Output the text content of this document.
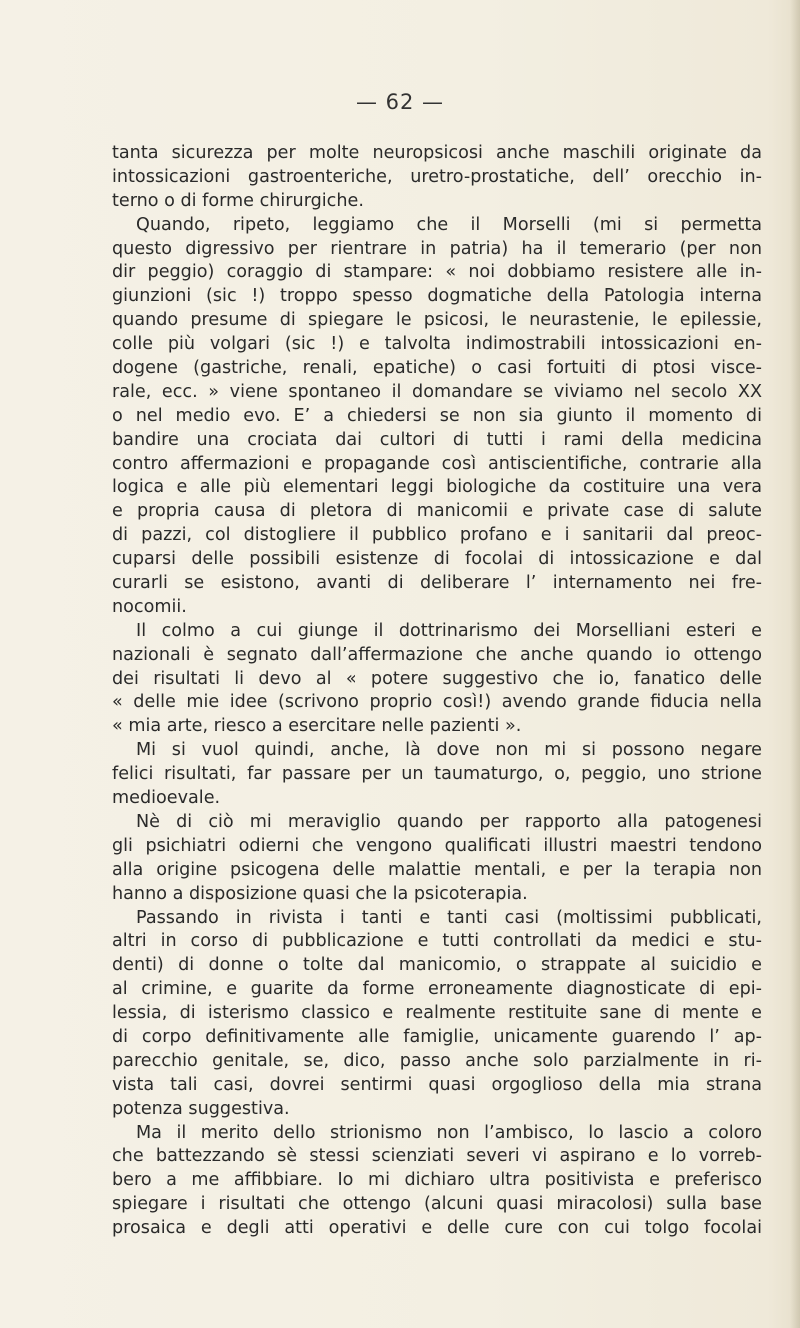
— 62 —
tanta sicurezza per molte neuropsicosi anche maschili originate da
intossicazioni gastroenteriche, uretro-prostatiche, dell’ orecchio in-
terno o di forme chirurgiche.
Quando, ripeto, leggiamo che il Morselli (mi si permetta
questo digressivo per rientrare in patria) ha il temerario (per non
dir peggio) coraggio di stampare: « noi dobbiamo resistere alle in-
giunzioni (sic !) troppo spesso dogmatiche della Patologia interna
quando presume di spiegare le psicosi, le neurastenie, le epilessie,
colle più volgari (sic !) e talvolta indimostrabili intossicazioni en-
dogene (gastriche, renali, epatiche) o casi fortuiti di ptosi visce-
rale, ecc. » viene spontaneo il domandare se viviamo nel secolo XX
o nel medio evo. E’ a chiedersi se non sia giunto il momento di
bandire una crociata dai cultori di tutti i rami della medicina
contro affermazioni e propagande così antiscientifiche, contrarie alla
logica e alle più elementari leggi biologiche da costituire una vera
e propria causa di pletora di manicomii e private case di salute
di pazzi, col distogliere il pubblico profano e i sanitarii dal preoc-
cuparsi delle possibili esistenze di focolai di intossicazione e dal
curarli se esistono, avanti di deliberare l’ internamento nei fre-
nocomii.
Il colmo a cui giunge il dottrinarismo dei Morselliani esteri e
nazionali è segnato dall’affermazione che anche quando io ottengo
dei risultati li devo al « potere suggestivo che io, fanatico delle
« delle mie idee (scrivono proprio così!) avendo grande fiducia nella
« mia arte, riesco a esercitare nelle pazienti ».
Mi si vuol quindi, anche, là dove non mi si possono negare
felici risultati, far passare per un taumaturgo, o, peggio, uno strione
medioevale.
Nè di ciò mi meraviglio quando per rapporto alla patogenesi
gli psichiatri odierni che vengono qualificati illustri maestri tendono
alla origine psicogena delle malattie mentali, e per la terapia non
hanno a disposizione quasi che la psicoterapia.
Passando in rivista i tanti e tanti casi (moltissimi pubblicati,
altri in corso di pubblicazione e tutti controllati da medici e stu-
denti) di donne o tolte dal manicomio, o strappate al suicidio e
al crimine, e guarite da forme erroneamente diagnosticate di epi-
lessia, di isterismo classico e realmente restituite sane di mente e
di corpo definitivamente alle famiglie, unicamente guarendo l’ ap-
parecchio genitale, se, dico, passo anche solo parzialmente in ri-
vista tali casi, dovrei sentirmi quasi orgoglioso della mia strana
potenza suggestiva.
Ma il merito dello strionismo non l’ambisco, lo lascio a coloro
che battezzando sè stessi scienziati severi vi aspirano e lo vorreb-
bero a me affibbiare. Io mi dichiaro ultra positivista e preferisco
spiegare i risultati che ottengo (alcuni quasi miracolosi) sulla base
prosaica e degli atti operativi e delle cure con cui tolgo focolai
